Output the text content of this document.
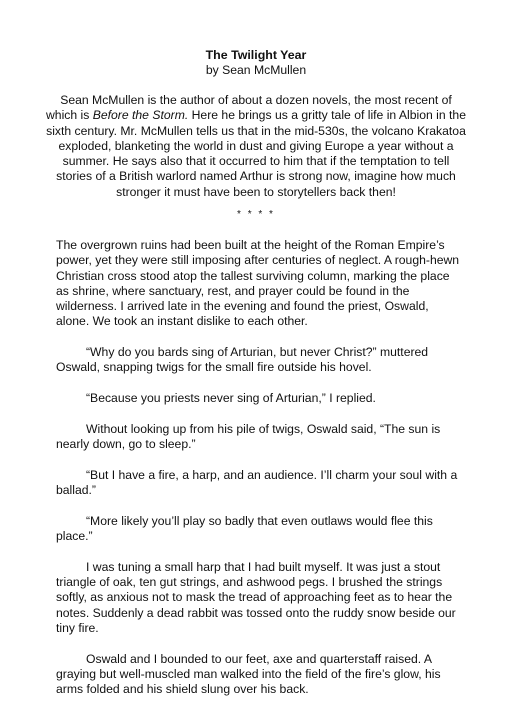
The Twilight Year

by Sean McMullen

Sean McMullen is the author of about a dozen novels, the most recent of which is Before the Storm. Here he brings us a gritty tale of life in Albion in the sixth century. Mr. McMullen tells us that in the mid-530s, the volcano Krakatoa exploded, blanketing the world in dust and giving Europe a year without a summer. He says also that it occurred to him that if the temptation to tell stories of a British warlord named Arthur is strong now, imagine how much stronger it must have been to storytellers back then!

* * * *

The overgrown ruins had been built at the height of the Roman Empire’s power, yet they were still imposing after centuries of neglect. A rough-hewn Christian cross stood atop the tallest surviving column, marking the place as shrine, where sanctuary, rest, and prayer could be found in the wilderness. I arrived late in the evening and found the priest, Oswald, alone. We took an instant dislike to each other.

“Why do you bards sing of Arturian, but never Christ?” muttered Oswald, snapping twigs for the small fire outside his hovel.

“Because you priests never sing of Arturian,” I replied.

Without looking up from his pile of twigs, Oswald said, “The sun is nearly down, go to sleep.”

“But I have a fire, a harp, and an audience. I’ll charm your soul with a ballad.”

“More likely you’ll play so badly that even outlaws would flee this place.”

I was tuning a small harp that I had built myself. It was just a stout triangle of oak, ten gut strings, and ashwood pegs. I brushed the strings softly, as anxious not to mask the tread of approaching feet as to hear the notes. Suddenly a dead rabbit was tossed onto the ruddy snow beside our tiny fire.

Oswald and I bounded to our feet, axe and quarterstaff raised. A graying but well-muscled man walked into the field of the fire’s glow, his arms folded and his shield slung over his back.
